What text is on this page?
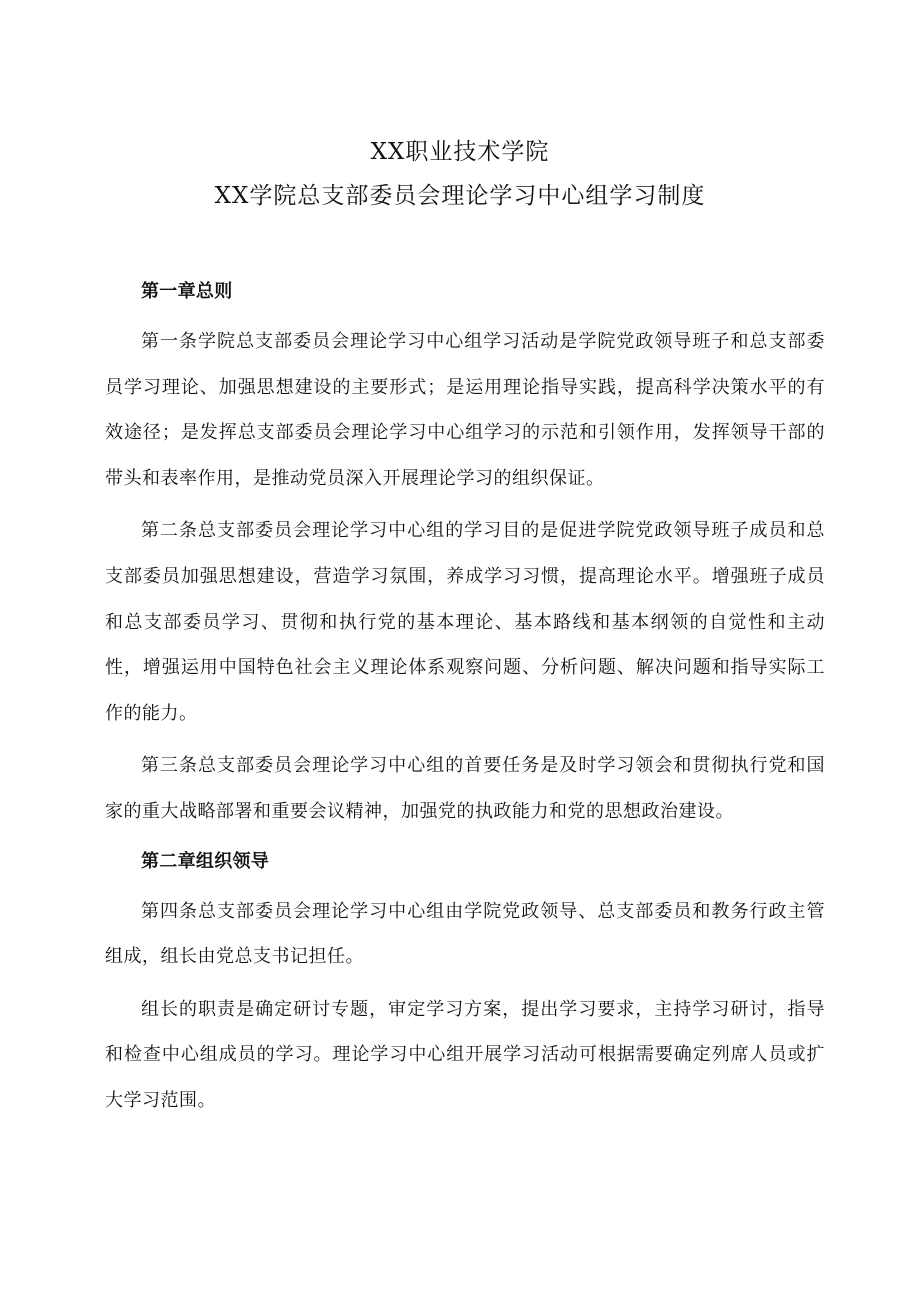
XX职业技术学院

XX学院总支部委员会理论学习中心组学习制度

第一章总则

第一条学院总支部委员会理论学习中心组学习活动是学院党政领导班子和总支部委员学习理论、加强思想建设的主要形式；是运用理论指导实践，提高科学决策水平的有效途径；是发挥总支部委员会理论学习中心组学习的示范和引领作用，发挥领导干部的带头和表率作用，是推动党员深入开展理论学习的组织保证。

第二条总支部委员会理论学习中心组的学习目的是促进学院党政领导班子成员和总支部委员加强思想建设，营造学习氛围，养成学习习惯，提高理论水平。增强班子成员和总支部委员学习、贯彻和执行党的基本理论、基本路线和基本纲领的自觉性和主动性，增强运用中国特色社会主义理论体系观察问题、分析问题、解决问题和指导实际工作的能力。

第三条总支部委员会理论学习中心组的首要任务是及时学习领会和贯彻执行党和国家的重大战略部署和重要会议精神，加强党的执政能力和党的思想政治建设。

第二章组织领导

第四条总支部委员会理论学习中心组由学院党政领导、总支部委员和教务行政主管组成，组长由党总支书记担任。

组长的职责是确定研讨专题，审定学习方案，提出学习要求，主持学习研讨，指导和检查中心组成员的学习。理论学习中心组开展学习活动可根据需要确定列席人员或扩大学习范围。
